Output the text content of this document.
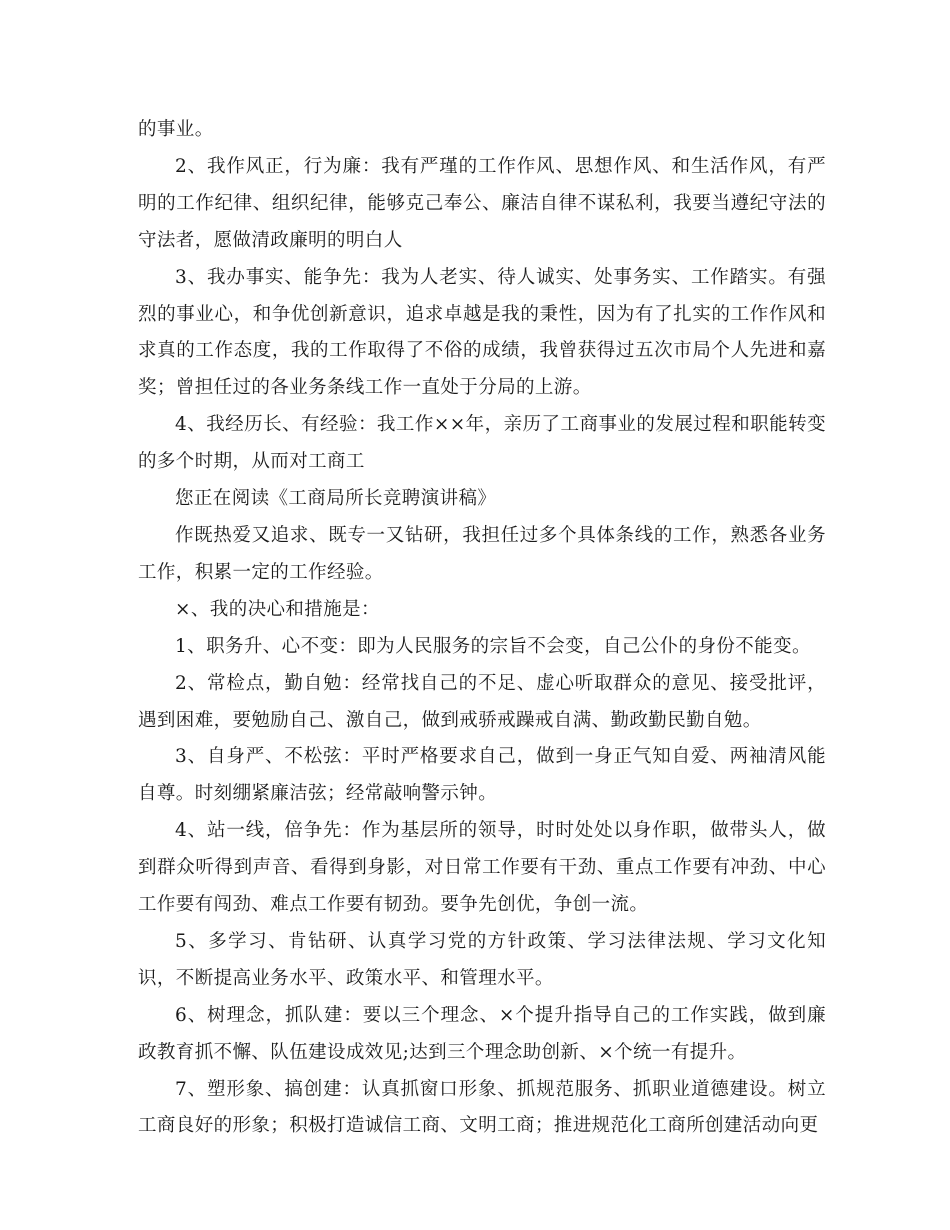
的事业。

2、我作风正，行为廉：我有严瑾的工作作风、思想作风、和生活作风，有严明的工作纪律、组织纪律，能够克己奉公、廉洁自律不谋私利，我要当遵纪守法的守法者，愿做清政廉明的明白人

3、我办事实、能争先：我为人老实、待人诚实、处事务实、工作踏实。有强烈的事业心，和争优创新意识，追求卓越是我的秉性，因为有了扎实的工作作风和求真的工作态度，我的工作取得了不俗的成绩，我曾获得过五次市局个人先进和嘉奖；曾担任过的各业务条线工作一直处于分局的上游。

4、我经历长、有经验：我工作××年，亲历了工商事业的发展过程和职能转变的多个时期，从而对工商工

您正在阅读《工商局所长竞聘演讲稿》

作既热爱又追求、既专一又钻研，我担任过多个具体条线的工作，熟悉各业务工作，积累一定的工作经验。

×、我的决心和措施是：

1、职务升、心不变：即为人民服务的宗旨不会变，自己公仆的身份不能变。

2、常检点，勤自勉：经常找自己的不足、虚心听取群众的意见、接受批评，遇到困难，要勉励自己、激自己，做到戒骄戒躁戒自满、勤政勤民勤自勉。

3、自身严、不松弦：平时严格要求自己，做到一身正气知自爱、两袖清风能自尊。时刻绷紧廉洁弦；经常敲响警示钟。

4、站一线，倍争先：作为基层所的领导，时时处处以身作职，做带头人，做到群众听得到声音、看得到身影，对日常工作要有干劲、重点工作要有冲劲、中心工作要有闯劲、难点工作要有韧劲。要争先创优，争创一流。

5、多学习、肯钻研、认真学习党的方针政策、学习法律法规、学习文化知识，不断提高业务水平、政策水平、和管理水平。

6、树理念，抓队建：要以三个理念、×个提升指导自己的工作实践，做到廉政教育抓不懈、队伍建设成效见;达到三个理念助创新、×个统一有提升。

7、塑形象、搞创建：认真抓窗口形象、抓规范服务、抓职业道德建设。树立工商良好的形象；积极打造诚信工商、文明工商；推进规范化工商所创建活动向更
